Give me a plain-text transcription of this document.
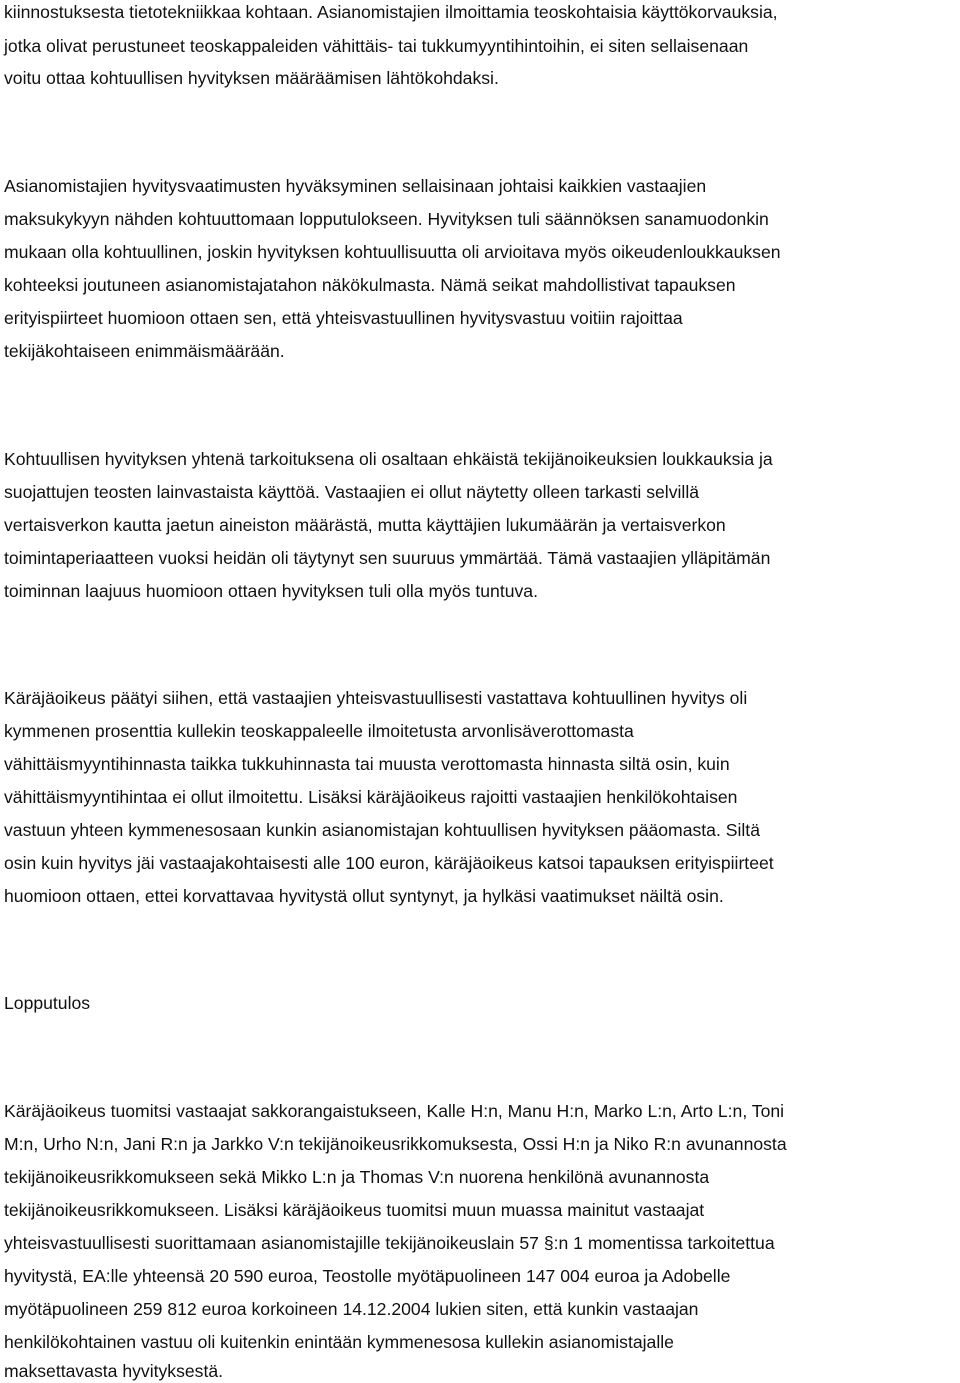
kiinnostuksesta tietotekniikkaa kohtaan. Asianomistajien ilmoittamia teoskohtaisia käyttökorvauksia,
jotka olivat perustuneet teoskappaleiden vähittäis- tai tukkumyyntihintoihin, ei siten sellaisenaan
voitu ottaa kohtuullisen hyvityksen määräämisen lähtökohdaksi.
Asianomistajien hyvitysvaatimusten hyväksyminen sellaisinaan johtaisi kaikkien vastaajien
maksukykyyn nähden kohtuuttomaan lopputulokseen. Hyvityksen tuli säännöksen sanamuodonkin
mukaan olla kohtuullinen, joskin hyvityksen kohtuullisuutta oli arvioitava myös oikeudenloukkauksen
kohteeksi joutuneen asianomistajatahon näkökulmasta. Nämä seikat mahdollistivat tapauksen
erityispiirteet huomioon ottaen sen, että yhteisvastuullinen hyvitysvastuu voitiin rajoittaa
tekijäkohtaiseen enimmäismäärään.
Kohtuullisen hyvityksen yhtenä tarkoituksena oli osaltaan ehkäistä tekijänoikeuksien loukkauksia ja
suojattujen teosten lainvastaista käyttöä. Vastaajien ei ollut näytetty olleen tarkasti selvillä
vertaisverkon kautta jaetun aineiston määrästä, mutta käyttäjien lukumäärän ja vertaisverkon
toimintaperiaatteen vuoksi heidän oli täytynyt sen suuruus ymmärtää. Tämä vastaajien ylläpitämän
toiminnan laajuus huomioon ottaen hyvityksen tuli olla myös tuntuva.
Käräjäoikeus päätyi siihen, että vastaajien yhteisvastuullisesti vastattava kohtuullinen hyvitys oli
kymmenen prosenttia kullekin teoskappaleelle ilmoitetusta arvonlisäverottomasta
vähittäismyyntihinnasta taikka tukkuhinnasta tai muusta verottomasta hinnasta siltä osin, kuin
vähittäismyyntihintaa ei ollut ilmoitettu. Lisäksi käräjäoikeus rajoitti vastaajien henkilökohtaisen
vastuun yhteen kymmenesosaan kunkin asianomistajan kohtuullisen hyvityksen pääomasta. Siltä
osin kuin hyvitys jäi vastaajakohtaisesti alle 100 euron, käräjäoikeus katsoi tapauksen erityispiirteet
huomioon ottaen, ettei korvattavaa hyvitystä ollut syntynyt, ja hylkäsi vaatimukset näiltä osin.
Lopputulos
Käräjäoikeus tuomitsi vastaajat sakkorangaistukseen, Kalle H:n, Manu H:n, Marko L:n, Arto L:n, Toni
M:n, Urho N:n, Jani R:n ja Jarkko V:n tekijänoikeusrikkomuksesta, Ossi H:n ja Niko R:n avunannosta
tekijänoikeusrikkomukseen sekä Mikko L:n ja Thomas V:n nuorena henkilönä avunannosta
tekijänoikeusrikkomukseen. Lisäksi käräjäoikeus tuomitsi muun muassa mainitut vastaajat
yhteisvastuullisesti suorittamaan asianomistajille tekijänoikeuslain 57 §:n 1 momentissa tarkoitettua
hyvitystä, EA:lle yhteensä 20 590 euroa, Teostolle myötäpuolineen 147 004 euroa ja Adobelle
myötäpuolineen 259 812 euroa korkoineen 14.12.2004 lukien siten, että kunkin vastaajan
henkilökohtainen vastuu oli kuitenkin enintään kymmenesosa kullekin asianomistajalle
maksettavasta hyvityksestä.
